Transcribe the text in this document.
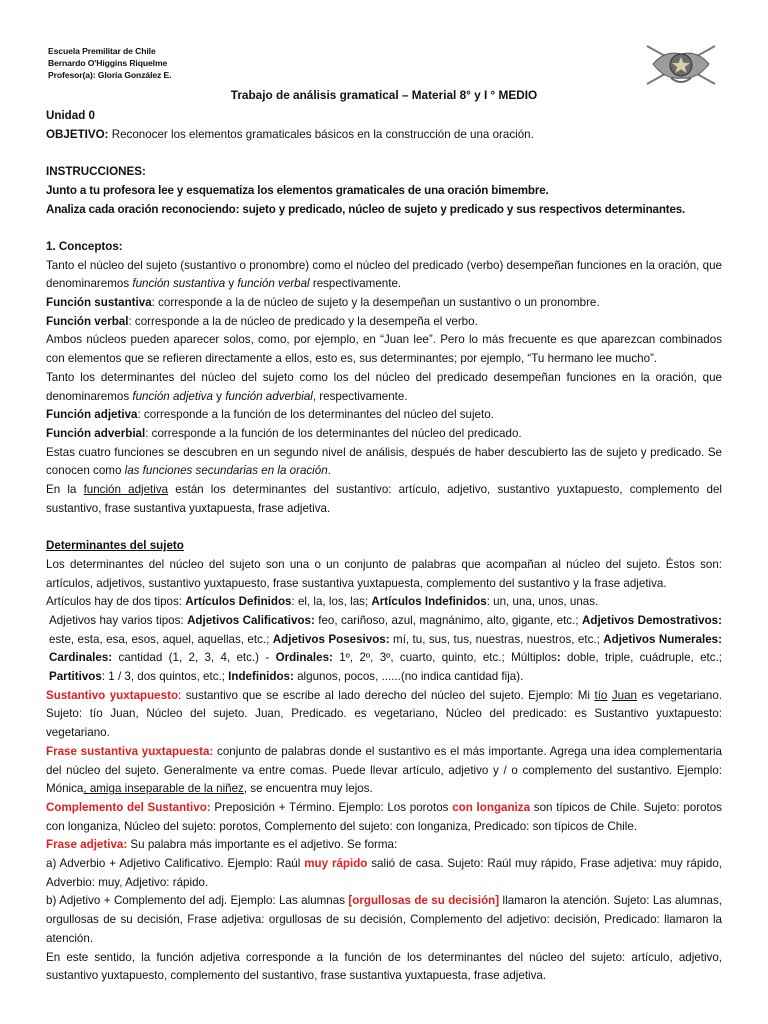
Escuela Premilitar de Chile
Bernardo O'Higgins Riquelme
Profesor(a): Gloria González E.
Trabajo de análisis gramatical – Material 8° y I ° MEDIO

Unidad 0

OBJETIVO: Reconocer los elementos gramaticales básicos en la construcción de una oración.

INSTRUCCIONES:

Junto a tu profesora lee y esquematiza los elementos gramaticales de una oración bimembre.

Analiza cada oración reconociendo: sujeto y predicado, núcleo de sujeto y predicado y sus respectivos determinantes.

1. Conceptos:

Tanto el núcleo del sujeto (sustantivo o pronombre) como el núcleo del predicado (verbo) desempeñan funciones en la oración, que denominaremos función sustantiva y función verbal respectivamente.

Función sustantiva: corresponde a la de núcleo de sujeto y la desempeñan un sustantivo o un pronombre.

Función verbal: corresponde a la de núcleo de predicado y la desempeña el verbo.

Ambos núcleos pueden aparecer solos, como, por ejemplo, en “Juan lee”. Pero lo más frecuente es que aparezcan combinados con elementos que se refieren directamente a ellos, esto es, sus determinantes; por ejemplo, “Tu hermano lee mucho”.

Tanto los determinantes del núcleo del sujeto como los del núcleo del predicado desempeñan funciones en la oración, que denominaremos función adjetiva y función adverbial, respectivamente.

Función adjetiva: corresponde a la función de los determinantes del núcleo del sujeto.

Función adverbial: corresponde a la función de los determinantes del núcleo del predicado.

Estas cuatro funciones se descubren en un segundo nivel de análisis, después de haber descubierto las de sujeto y predicado. Se conocen como las funciones secundarias en la oración.

En la función adjetiva están los determinantes del sustantivo: artículo, adjetivo, sustantivo yuxtapuesto, complemento del sustantivo, frase sustantiva yuxtapuesta, frase adjetiva.

Determinantes del sujeto

Los determinantes del núcleo del sujeto son una o un conjunto de palabras que acompañan al núcleo del sujeto. Éstos son: artículos, adjetivos, sustantivo yuxtapuesto, frase sustantiva yuxtapuesta, complemento del sustantivo y la frase adjetiva.

Artículos hay de dos tipos: Artículos Definidos: el, la, los, las; Artículos Indefinidos: un, una, unos, unas.

Adjetivos hay varios tipos: Adjetivos Calificativos: feo, cariñoso, azul, magnánimo, alto, gigante, etc.; Adjetivos Demostrativos: este, esta, esa, esos, aquel, aquellas, etc.; Adjetivos Posesivos: mí, tu, sus, tus, nuestras, nuestros, etc.; Adjetivos Numerales: Cardinales: cantidad (1, 2, 3, 4, etc.) - Ordinales: 1º, 2º, 3º, cuarto, quinto, etc.; Múltiplos: doble, triple, cuádruple, etc.; Partitivos: 1 / 3, dos quintos, etc.; Indefinidos: algunos, pocos, ......(no indica cantidad fija).

Sustantivo yuxtapuesto: sustantivo que se escribe al lado derecho del núcleo del sujeto. Ejemplo: Mi tío Juan es vegetariano. Sujeto: tío Juan, Núcleo del sujeto. Juan, Predicado. es vegetariano, Núcleo del predicado: es Sustantivo yuxtapuesto: vegetariano.

Frase sustantiva yuxtapuesta: conjunto de palabras donde el sustantivo es el más importante. Agrega una idea complementaria del núcleo del sujeto. Generalmente va entre comas. Puede llevar artículo, adjetivo y / o complemento del sustantivo. Ejemplo: Mónica, amiga inseparable de la niñez, se encuentra muy lejos.

Complemento del Sustantivo: Preposición + Término. Ejemplo: Los porotos con longaniza son típicos de Chile. Sujeto: porotos con longaniza, Núcleo del sujeto: porotos, Complemento del sujeto: con longaniza, Predicado: son típicos de Chile.

Frase adjetiva: Su palabra más importante es el adjetivo. Se forma:

a) Adverbio + Adjetivo Calificativo. Ejemplo: Raúl muy rápido salió de casa. Sujeto: Raúl muy rápido, Frase adjetiva: muy rápido, Adverbio: muy, Adjetivo: rápido.

b) Adjetivo + Complemento del adj. Ejemplo: Las alumnas [orgullosas de su decisión] llamaron la atención. Sujeto: Las alumnas, orgullosas de su decisión, Frase adjetiva: orgullosas de su decisión, Complemento del adjetivo: decisión, Predicado: llamaron la atención.

En este sentido, la función adjetiva corresponde a la función de los determinantes del núcleo del sujeto: artículo, adjetivo, sustantivo yuxtapuesto, complemento del sustantivo, frase sustantiva yuxtapuesta, frase adjetiva.
